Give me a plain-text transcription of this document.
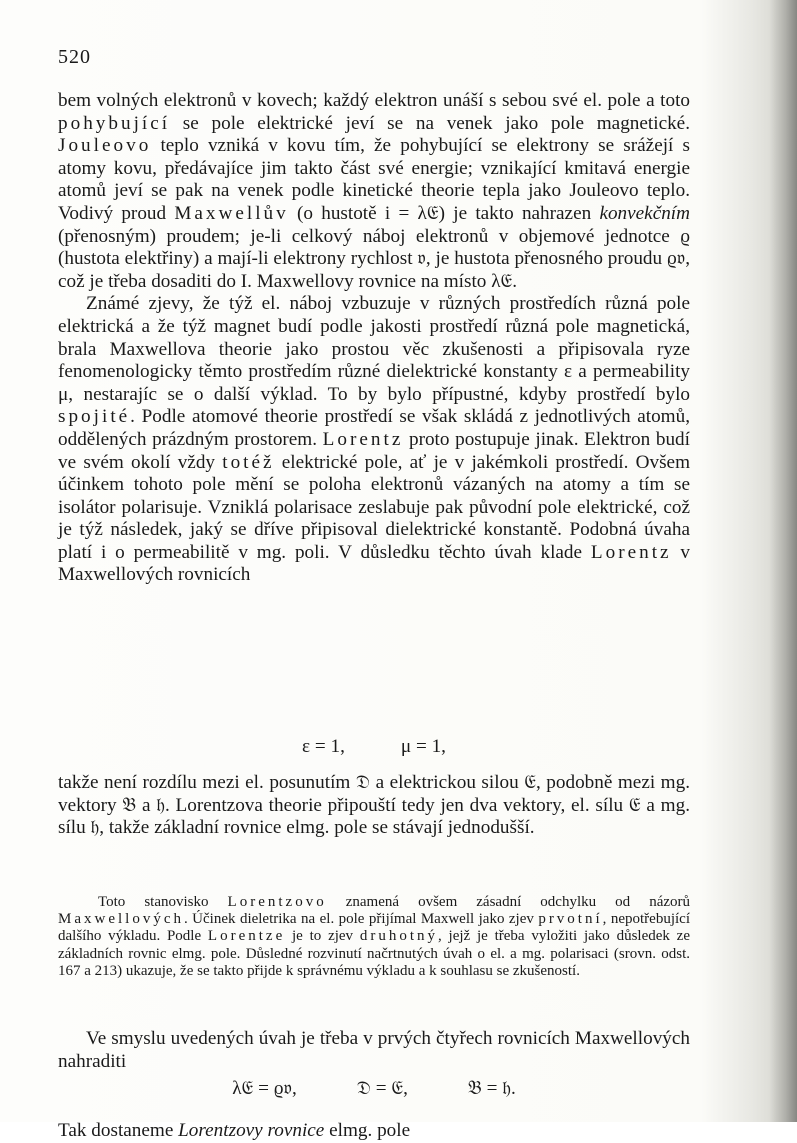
520

bem volných elektronů v kovech; každý elektron unáší s sebou své el. pole a toto pohybující se pole elektrické jeví se na venek jako pole magnetické. Jouleovo teplo vzniká v kovu tím, že pohybující se elektrony se srážejí s atomy kovu, předávajíce jim takto část své energie; vznikající kmitavá energie atomů jeví se pak na venek podle kinetické theorie tepla jako Jouleovo teplo. Vodivý proud Maxwellův (o hustotě i = λ𝔈) je takto nahrazen konvekčním (přenosným) proudem; je-li celkový náboj elektronů v objemové jednotce ϱ (hustota elektřiny) a mají-li elektrony rychlost 𝔳, je hustota přenosného proudu ϱ𝔳, což je třeba dosaditi do I. Maxwellovy rovnice na místo λ𝔈.

Známé zjevy, že týž el. náboj vzbuzuje v různých prostředích různá pole elektrická a že týž magnet budí podle jakosti prostředí různá pole magnetická, brala Maxwellova theorie jako prostou věc zkušenosti a připisovala ryze fenomenologicky těmto prostředím různé dielektrické konstanty ε a permeability μ, nestarajíc se o další výklad. To by bylo přípustné, kdyby prostředí bylo spojité. Podle atomové theorie prostředí se však skládá z jednotlivých atomů, oddělených prázdným prostorem. Lorentz proto postupuje jinak. Elektron budí ve svém okolí vždy totéž elektrické pole, ať je v jakémkoli prostředí. Ovšem účinkem tohoto pole mění se poloha elektronů vázaných na atomy a tím se isolátor polarisuje. Vzniklá polarisace zeslabuje pak původní pole elektrické, což je týž následek, jaký se dříve připisoval dielektrické konstantě. Podobná úvaha platí i o permeabilitě v mg. poli. V důsledku těchto úvah klade Lorentz v Maxwellových rovnicích

ε = 1,	μ = 1,

takže není rozdílu mezi el. posunutím 𝔇 a elektrickou silou 𝔈, podobně mezi mg. vektory 𝔅 a 𝔥. Lorentzova theorie připouští tedy jen dva vektory, el. sílu 𝔈 a mg. sílu 𝔥, takže základní rovnice elmg. pole se stávají jednodušší.

Toto stanovisko Lorentzovo znamená ovšem zásadní odchylku od názorů Maxwellových. Účinek dieletrika na el. pole přijímal Maxwell jako zjev prvotní, nepotřebující dalšího výkladu. Podle Lorentze je to zjev druhotný, jejž je třeba vyložiti jako důsledek ze základních rovnic elmg. pole. Důsledné rozvinutí načrtnutých úvah o el. a mg. polarisaci (srovn. odst. 167 a 213) ukazuje, že se takto přijde k správnému výkladu a k souhlasu se zkušeností.

Ve smyslu uvedených úvah je třeba v prvých čtyřech rovnicích Maxwellových nahraditi

λ𝔈 = ϱ𝔳,	𝔇 = 𝔈,	𝔅 = 𝔥.

Tak dostaneme Lorentzovy rovnice elmg. pole
